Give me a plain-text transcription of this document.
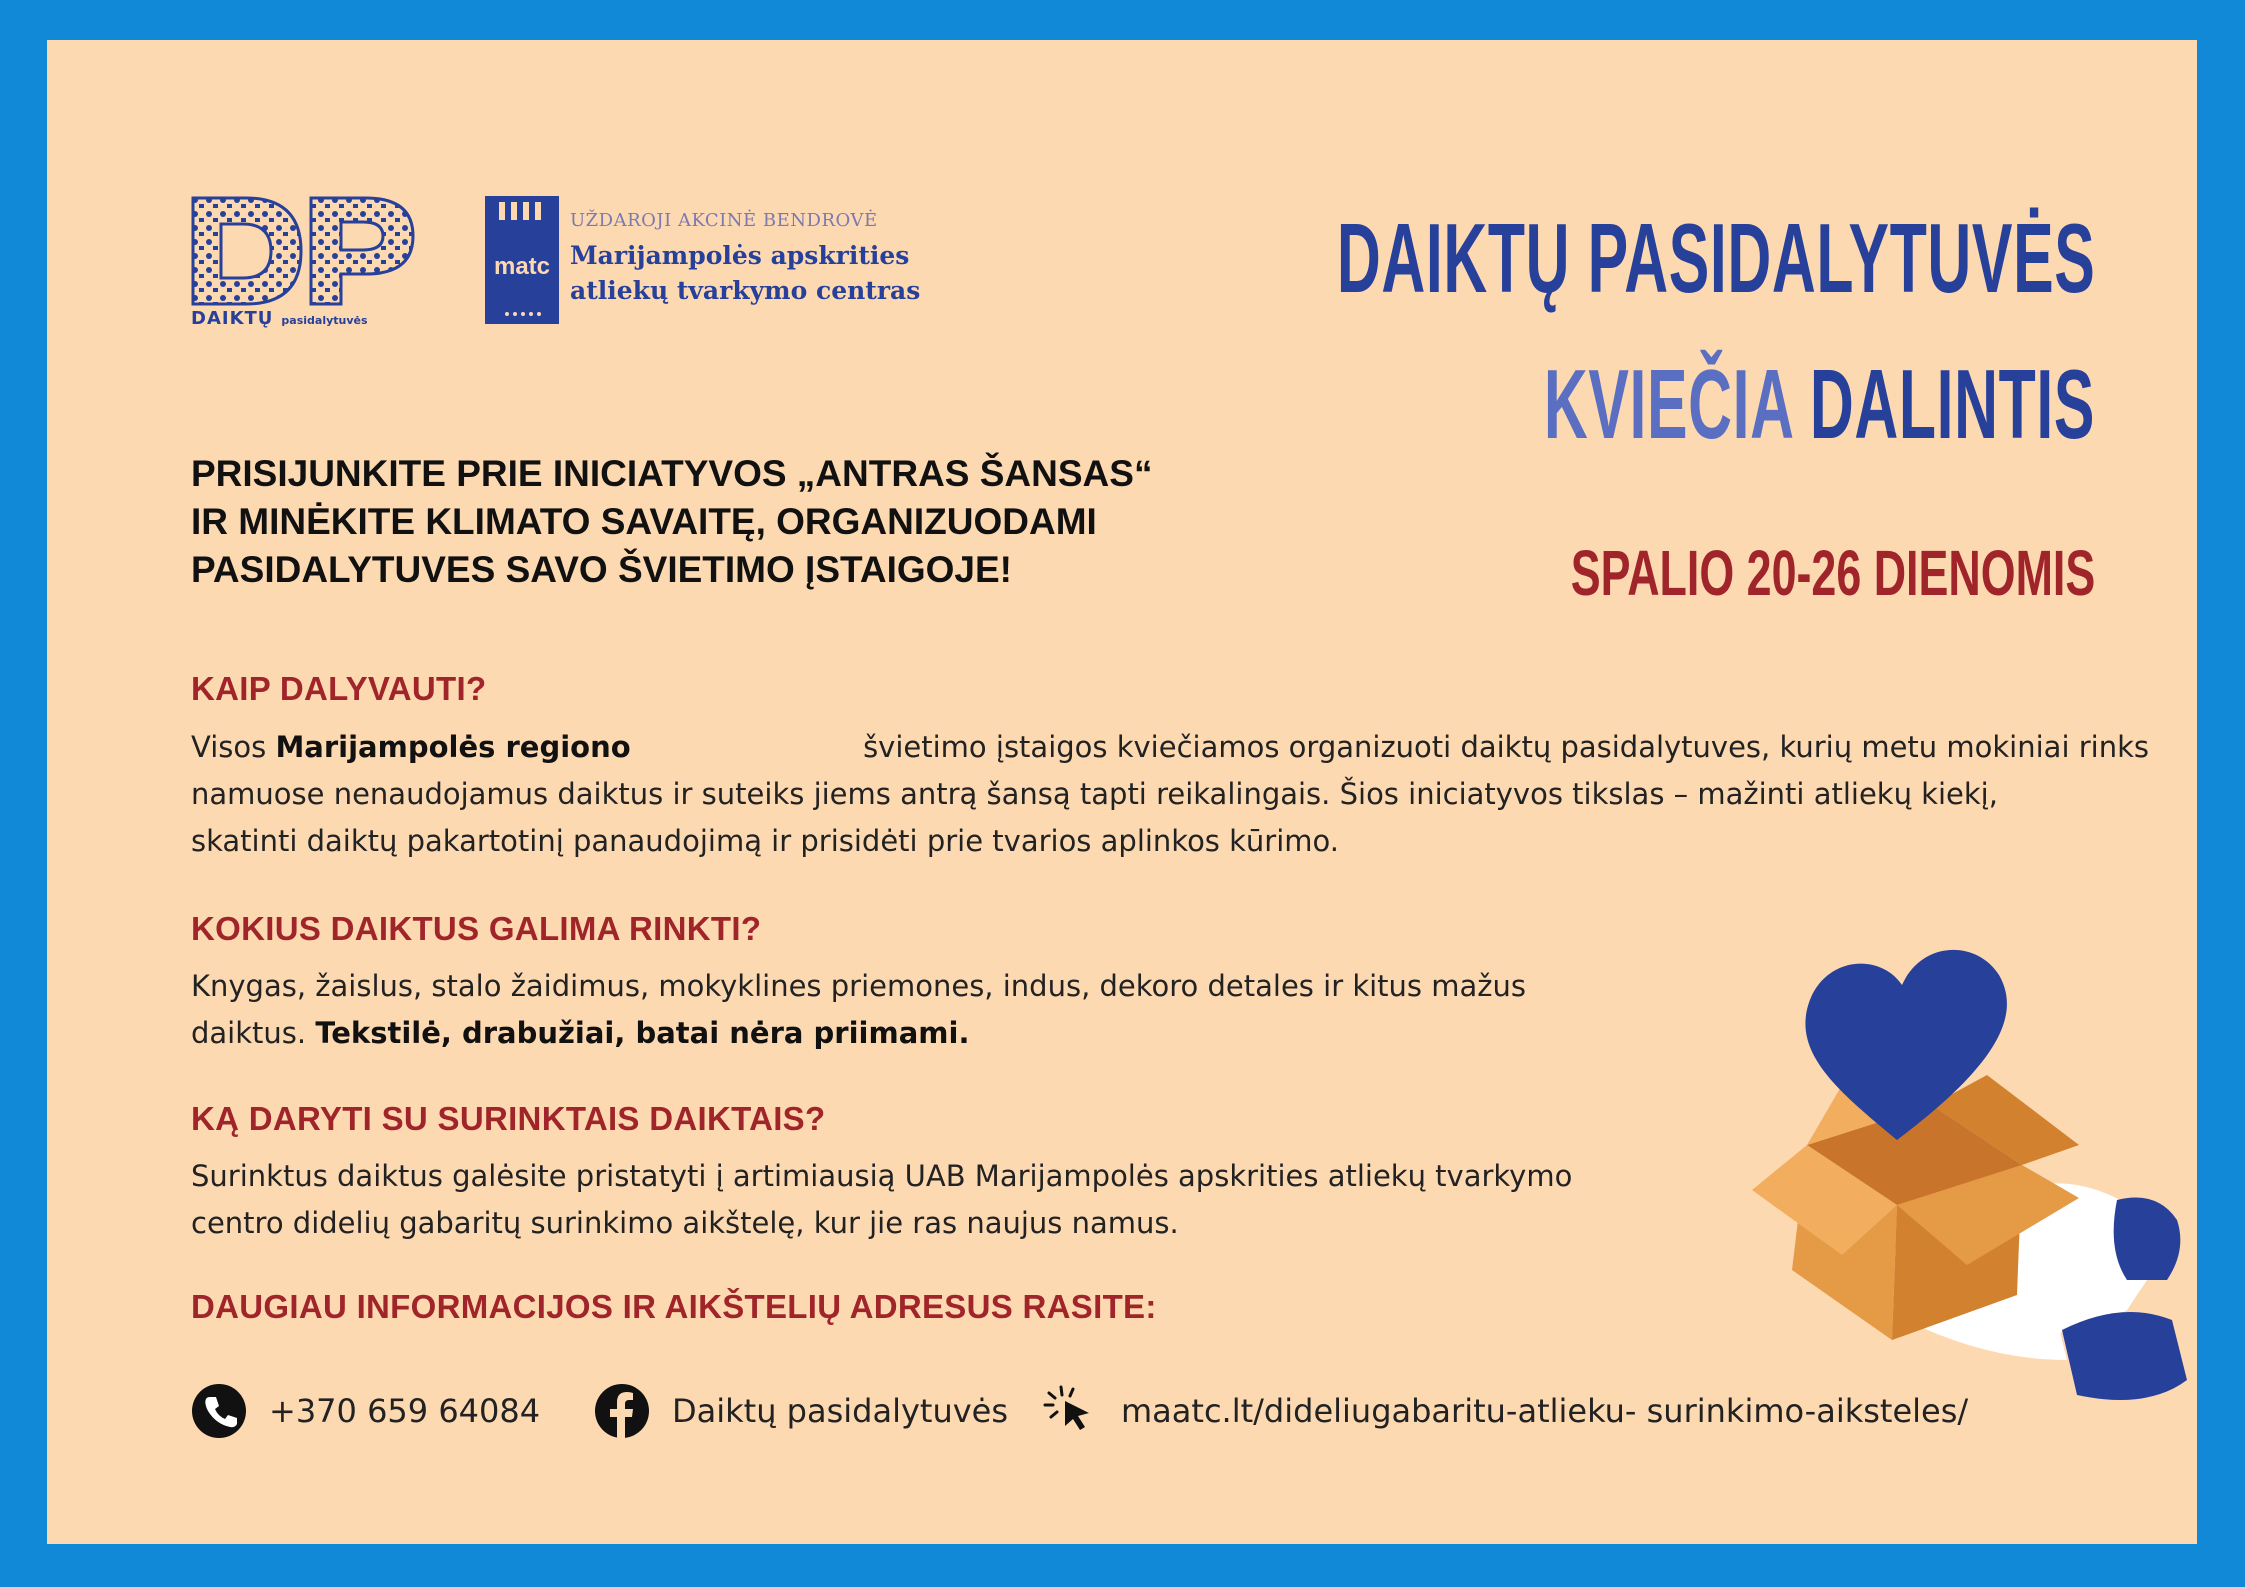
DAIKTŲ pasidalytuvės
matc
UŽDAROJI AKCINĖ BENDROVĖ
Marijampolės apskrities
atliekų tvarkymo centras	DAIKTŲ PASIDALYTUVĖS
KVIEČIA DALINTIS
SPALIO 20-26 DIENOMIS
PRISIJUNKITE PRIE INICIATYVOS „ANTRAS ŠANSAS“
IR MINĖKITE KLIMATO SAVAITĘ, ORGANIZUODAMI
PASIDALYTUVES SAVO ŠVIETIMO ĮSTAIGOJE!
KAIP DALYVAUTI?
Visos Marijampolės regiono	švietimo įstaigos kviečiamos organizuoti daiktų pasidalytuves, kurių metu mokiniai rinks
namuose nenaudojamus daiktus ir suteiks jiems antrą šansą tapti reikalingais. Šios iniciatyvos tikslas – mažinti atliekų kiekį,
skatinti daiktų pakartotinį panaudojimą ir prisidėti prie tvarios aplinkos kūrimo.
KOKIUS DAIKTUS GALIMA RINKTI?
Knygas, žaislus, stalo žaidimus, mokyklines priemones, indus, dekoro detales ir kitus mažus
daiktus. Tekstilė, drabužiai, batai nėra priimami.
KĄ DARYTI SU SURINKTAIS DAIKTAIS?
Surinktus daiktus galėsite pristatyti į artimiausią UAB Marijampolės apskrities atliekų tvarkymo
centro didelių gabaritų surinkimo aikštelę, kur jie ras naujus namus.
DAUGIAU INFORMACIJOS IR AIKŠTELIŲ ADRESUS RASITE:
+370 659 64084	Daiktų pasidalytuvės	maatc.lt/dideliugabaritu-atlieku- surinkimo-aiksteles/
